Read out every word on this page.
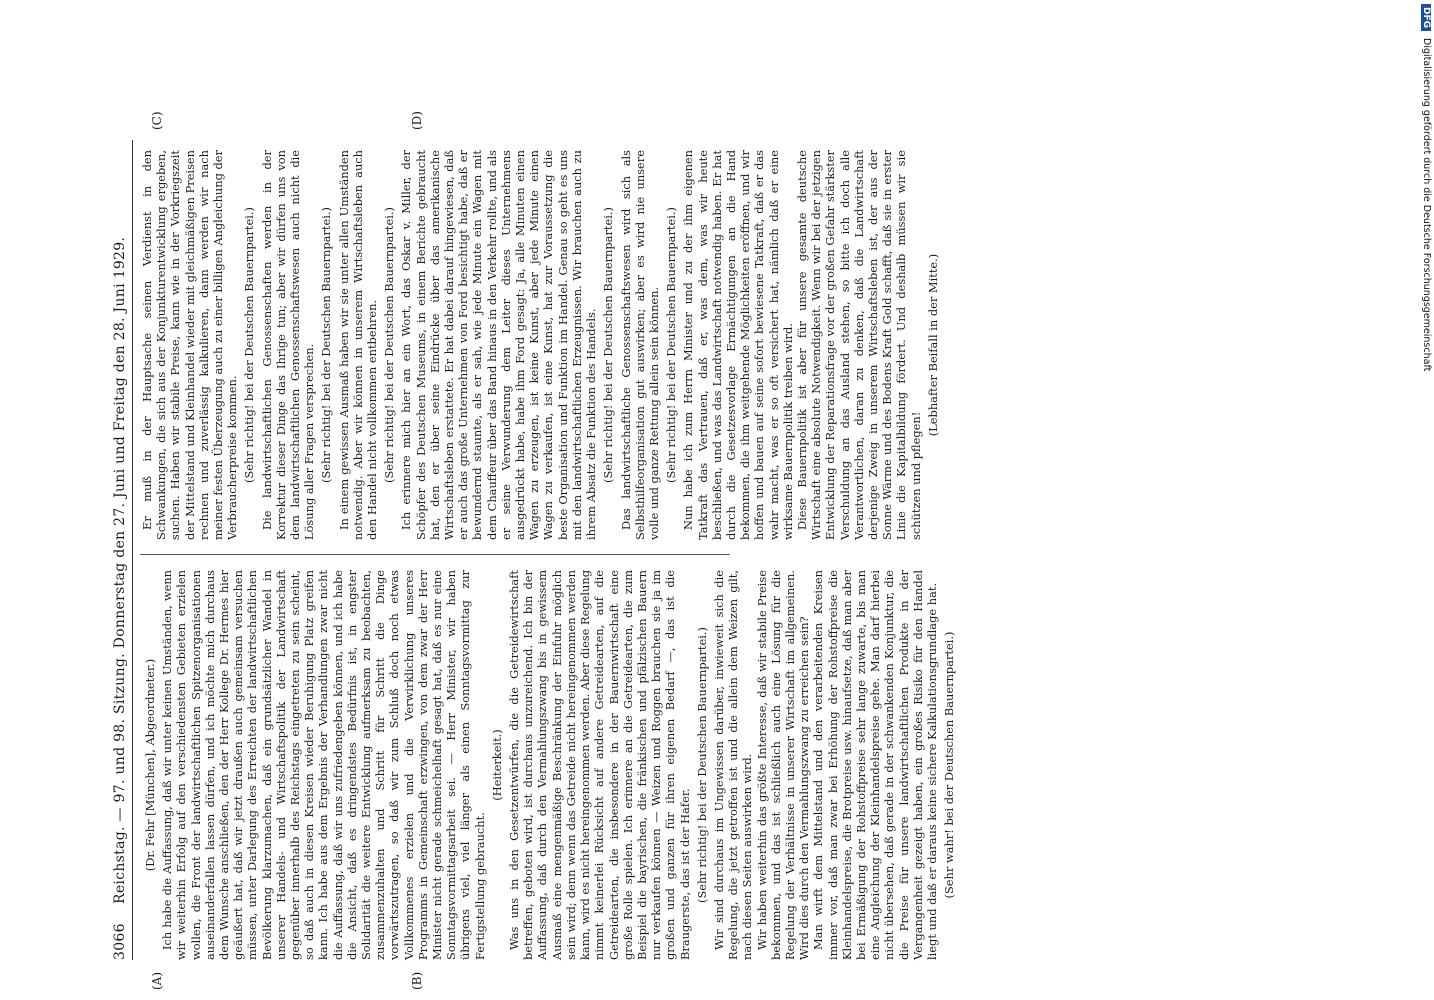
3066
Reichstag. — 97. und 98. Sitzung. Donnerstag den 27. Juni und Freitag den 28. Juni 1929.
(A)	(B)
(C)	(D)

(Dr. Fehr [München], Abgeordneter.) Ich habe die Auffassung, daß wir unter keinen Umständen, wenn wir weiterhin Erfolg auf den verschiedensten Gebieten erzielen wollen, die Front der landwirtschaftlichen Spitzenorganisationen auseinanderfallen lassen dürfen, und ich möchte mich durchaus dem Wunsche anschließen, den der Herr Kollege Dr. Hermes hier geäußert hat, daß wir jetzt draußen auch gemeinsam versuchen müssen, unter Darlegung des Erreichten der landwirtschaftlichen Bevölkerung klarzumachen, daß ein grundsätzlicher Wandel in unserer Handels- und Wirtschaftspolitik der Landwirtschaft gegenüber innerhalb des Reichstags eingetreten zu sein scheint, so daß auch in diesen Kreisen wieder Beruhigung Platz greifen kann. Ich habe aus dem Ergebnis der Verhandlungen zwar nicht die Auffassung, daß wir uns zufriedengeben können, und ich habe die Ansicht, daß es dringendstes Bedürfnis ist, in engster Solidarität die weitere Entwicklung aufmerksam zu beobachten, zusammenzuhalten und Schritt für Schritt die Dinge vorwärtszutragen, so daß wir zum Schluß doch noch etwas Vollkommenes erzielen und die Verwirklichung unseres Programms in Gemeinschaft erzwingen, von dem zwar der Herr Minister nicht gerade schmeichelhaft gesagt hat, daß es nur eine Sonntagsvormittagsarbeit sei. — Herr Minister, wir haben übrigens viel, viel länger als einen Sonntagsvormittag zur Fertigstellung gebraucht.

(Heiterkeit.) Was uns in den Gesetzentwürfen, die die Getreidewirtschaft betreffen, geboten wird, ist durchaus unzureichend. Ich bin der Auffassung, daß durch den Vermahlungszwang bis in gewissem Ausmaß eine mengenmäßige Beschränkung der Einfuhr möglich sein wird; denn wenn das Getreide nicht hereingenommen werden kann, wird es nicht hereingenommen werden. Aber diese Regelung nimmt keinerlei Rücksicht auf andere Getreidearten, auf die Getreidearten, die insbesondere in der Bauernwirtschaft eine große Rolle spielen. Ich erinnere an die Getreidearten, die zum Beispiel die bayrischen, die fränkischen und pfälzischen Bauern nur verkaufen können — Weizen und Roggen brauchen sie ja im großen und ganzen für ihren eigenen Bedarf —, das ist die Braugerste, das ist der Hafer. (Sehr richtig! bei der Deutschen Bauernpartei.) Wir sind durchaus im Ungewissen darüber, inwieweit sich die Regelung, die jetzt getroffen ist und die allein dem Weizen gilt, nach diesen Seiten auswirken wird. Wir haben weiterhin das größte Interesse, daß wir stabile Preise bekommen, und das ist schließlich auch eine Lösung für die Regelung der Verhältnisse in unserer Wirtschaft im allgemeinen. Wird dies durch den Vermahlungszwang zu erreichen sein? Man wirft dem Mittelstand und den verarbeitenden Kreisen immer vor, daß man zwar bei Erhöhung der Rohstoffpreise die Kleinhandelspreise, die Brotpreise usw. hinaufsetze, daß man aber bei Ermäßigung der Rohstoffpreise sehr lange zuwarte, bis man eine Angleichung der Kleinhandelspreise gehe. Man darf hierbei nicht übersehen, daß gerade in der schwankenden Konjunktur, die die Preise für unsere landwirtschaftlichen Produkte in der Vergangenheit gezeigt haben, ein großes Risiko für den Handel liegt und daß er daraus keine sichere Kalkulationsgrundlage hat. (Sehr wahr! bei der Deutschen Bauernpartei.)

Er muß in der Hauptsache seinen Verdienst in den Schwankungen, die sich aus der Konjunkturentwicklung ergeben, suchen. Haben wir stabile Preise, kann wie in der Vorkriegszeit der Mittelstand und Kleinhandel wieder mit gleichmäßigen Preisen rechnen und zuverlässig kalkulieren, dann werden wir nach meiner festen Überzeugung auch zu einer billigen Angleichung der Verbraucherpreise kommen. (Sehr richtig! bei der Deutschen Bauernpartei.) Die landwirtschaftlichen Genossenschaften werden in der Korrektur dieser Dinge das Ihrige tun; aber wir dürfen uns von dem landwirtschaftlichen Genossenschaftswesen auch nicht die Lösung aller Fragen versprechen. (Sehr richtig! bei der Deutschen Bauernpartei.) In einem gewissen Ausmaß haben wir sie unter allen Umständen notwendig. Aber wir können in unserem Wirtschaftsleben auch den Handel nicht vollkommen entbehren. (Sehr richtig! bei der Deutschen Bauernpartei.) Ich erinnere mich hier an ein Wort, das Oskar v. Miller, der Schöpfer des Deutschen Museums, in einem Berichte gebraucht hat, den er über seine Eindrücke über das amerikanische Wirtschaftsleben erstattete. Er hat dabei darauf hingewiesen, daß er auch das große Unternehmen von Ford besichtigt habe, daß er bewundernd staunte, als er sah, wie jede Minute ein Wagen mit dem Chauffeur über das Band hinaus in den Verkehr rollte, und als er seine Verwunderung dem Leiter dieses Unternehmens ausgedrückt habe, habe ihm Ford gesagt: Ja, alle Minuten einen Wagen zu erzeugen, ist keine Kunst, aber jede Minute einen Wagen zu verkaufen, ist eine Kunst, hat zur Voraussetzung die beste Organisation und Funktion im Handel. Genau so geht es uns mit den landwirtschaftlichen Erzeugnissen. Wir brauchen auch zu ihrem Absatz die Funktion des Handels. (Sehr richtig! bei der Deutschen Bauernpartei.) Das landwirtschaftliche Genossenschaftswesen wird sich als Selbsthilfeorganisation gut auswirken; aber es wird nie unsere volle und ganze Rettung allein sein können. (Sehr richtig! bei der Deutschen Bauernpartei.) Nun habe ich zum Herrn Minister und zu der ihm eigenen Tatkraft das Vertrauen, daß er, was dem, was wir heute beschließen, und was das Landwirtschaft notwendig haben. Er hat durch die Gesetzesvorlage Ermächtigungen an die Hand bekommen, die ihm weitgehende Möglichkeiten eröffnen, und wir hoffen und bauen auf seine sofort bewiesene Tatkraft, daß er das wahr macht, was er so oft versichert hat, nämlich daß er eine wirksame Bauernpolitik treiben wird. Diese Bauernpolitik ist aber für unsere gesamte deutsche Wirtschaft eine absolute Notwendigkeit. Wenn wir bei der jetzigen Entwicklung der Reparationsfrage vor der großen Gefahr stärkster Verschuldung an das Ausland stehen, so bitte ich doch alle Verantwortlichen, daran zu denken, daß die Landwirtschaft derjenige Zweig in unserem Wirtschaftsleben ist, der aus der Sonne Wärme und des Bodens Kraft Gold schafft, daß sie in erster Linie die Kapitalbildung fördert. Und deshalb müssen wir sie schützen und pflegen!

(Lebhafter Beifall in der Mitte.)

DFG Digitalisierung gefördert durch die Deutsche Forschungsgemeinschaft
